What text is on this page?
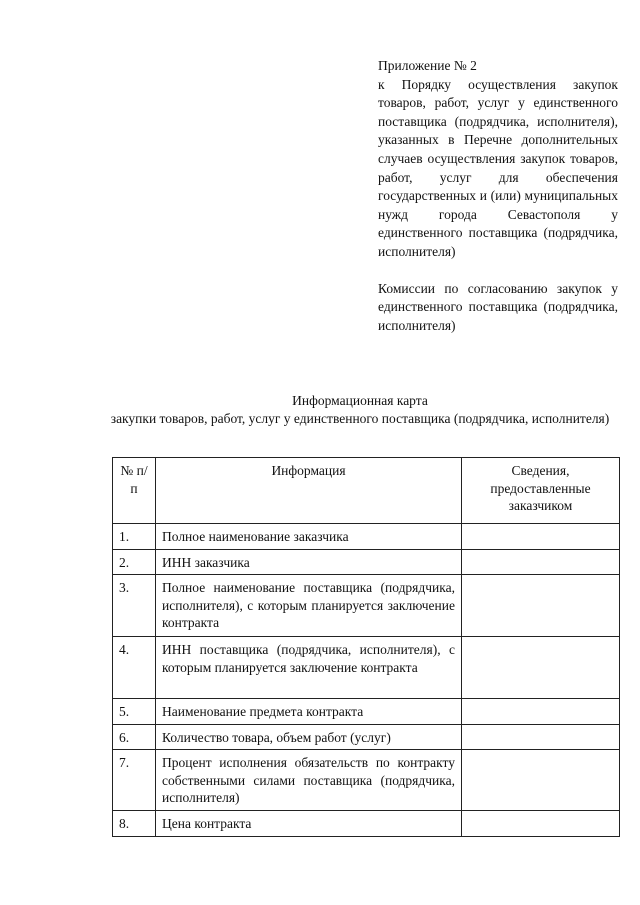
Приложение № 2
к Порядку осуществления закупок товаров, работ, услуг у единственного поставщика (подрядчика, исполнителя), указанных в Перечне дополнительных случаев осуществления закупок товаров, работ, услуг для обеспечения государственных и (или) муниципальных нужд города Севастополя у единственного поставщика (подрядчика, исполнителя)
Комиссии по согласованию закупок у единственного поставщика (подрядчика, исполнителя)
Информационная карта
закупки товаров, работ, услуг у единственного поставщика (подрядчика, исполнителя)
№ п/п	Информация	Сведения, предоставленные заказчиком
1.	Полное наименование заказчика	
2.	ИНН заказчика	
3.	Полное наименование поставщика (подрядчика, исполнителя), с которым планируется заключение контракта	
4.	ИНН поставщика (подрядчика, исполнителя), с которым планируется заключение контракта	
5.	Наименование предмета контракта	
6.	Количество товара, объем работ (услуг)	
7.	Процент исполнения обязательств по контракту собственными силами поставщика (подрядчика, исполнителя)	
8.	Цена контракта	
